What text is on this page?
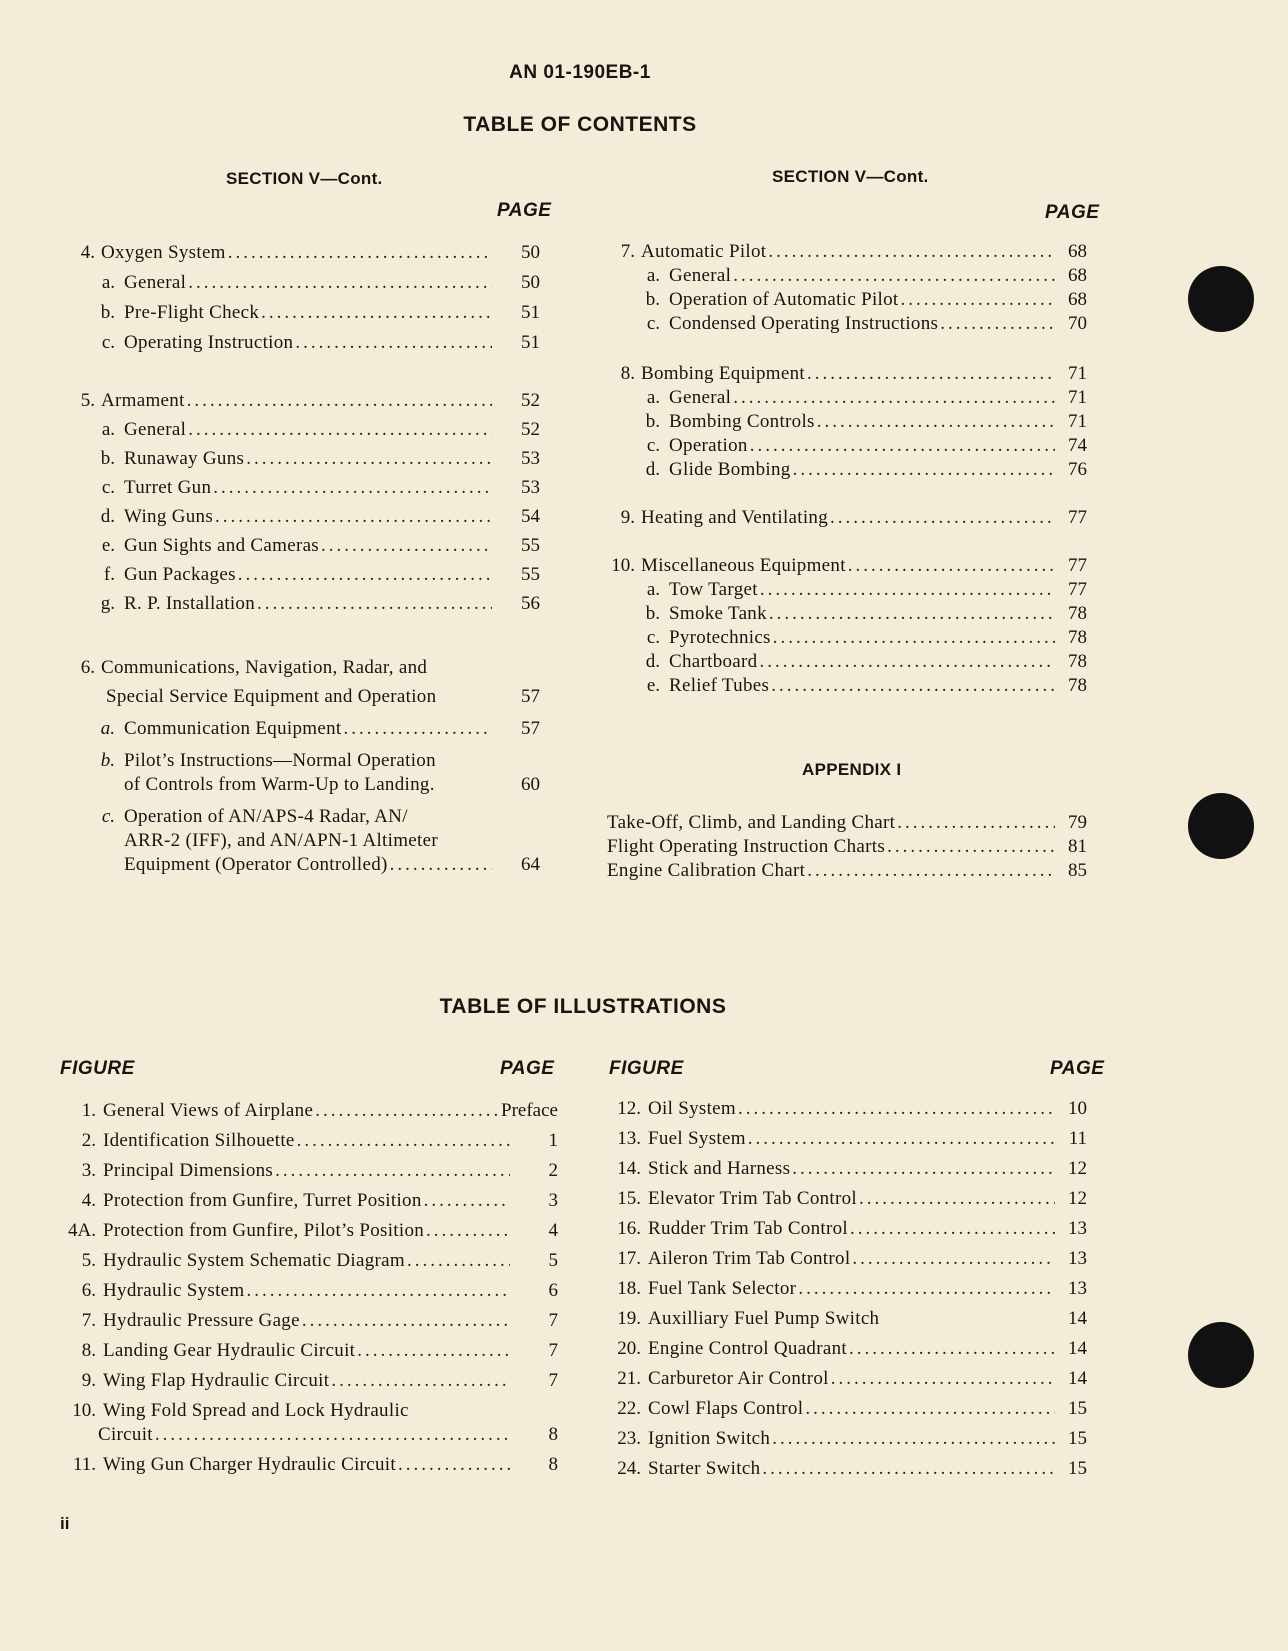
AN 01-190EB-1
TABLE OF CONTENTS
SECTION V—Cont.
PAGE
4. Oxygen System .....	50
a. General .....	50
b. Pre-Flight Check .....	51
c. Operating Instruction .....	51
5. Armament .....	52
a. General .....	52
b. Runaway Guns .....	53
c. Turret Gun .....	53
d. Wing Guns .....	54
e. Gun Sights and Cameras .....	55
f. Gun Packages .....	55
g. R. P. Installation .....	56
6. Communications, Navigation, Radar, and
Special Service Equipment and Operation	57
a. Communication Equipment .....	57
b. Pilot’s Instructions—Normal Operation
of Controls from Warm-Up to Landing.	60
c. Operation of AN/APS-4 Radar, AN/
ARR-2 (IFF), and AN/APN-1 Altimeter
Equipment (Operator Controlled) .....	64
SECTION V—Cont.
PAGE
7. Automatic Pilot .....	68
a. General .....	68
b. Operation of Automatic Pilot .....	68
c. Condensed Operating Instructions .....	70
8. Bombing Equipment .....	71
a. General .....	71
b. Bombing Controls .....	71
c. Operation .....	74
d. Glide Bombing .....	76
9. Heating and Ventilating .....	77
10. Miscellaneous Equipment .....	77
a. Tow Target .....	77
b. Smoke Tank .....	78
c. Pyrotechnics .....	78
d. Chartboard .....	78
e. Relief Tubes .....	78
APPENDIX I
Take-Off, Climb, and Landing Chart .....	79
Flight Operating Instruction Charts .....	81
Engine Calibration Chart .....	85
TABLE OF ILLUSTRATIONS
FIGURE	PAGE	FIGURE	PAGE
1. General Views of Airplane .....	Preface
2. Identification Silhouette .....	1
3. Principal Dimensions .....	2
4. Protection from Gunfire, Turret Position .....	3
4A. Protection from Gunfire, Pilot’s Position .....	4
5. Hydraulic System Schematic Diagram .....	5
6. Hydraulic System .....	6
7. Hydraulic Pressure Gage .....	7
8. Landing Gear Hydraulic Circuit .....	7
9. Wing Flap Hydraulic Circuit .....	7
10. Wing Fold Spread and Lock Hydraulic
Circuit .....	8
11. Wing Gun Charger Hydraulic Circuit .....	8
12. Oil System .....	10
13. Fuel System .....	11
14. Stick and Harness .....	12
15. Elevator Trim Tab Control .....	12
16. Rudder Trim Tab Control .....	13
17. Aileron Trim Tab Control .....	13
18. Fuel Tank Selector .....	13
19. Auxilliary Fuel Pump Switch	14
20. Engine Control Quadrant .....	14
21. Carburetor Air Control .....	14
22. Cowl Flaps Control .....	15
23. Ignition Switch .....	15
24. Starter Switch .....	15
ii
